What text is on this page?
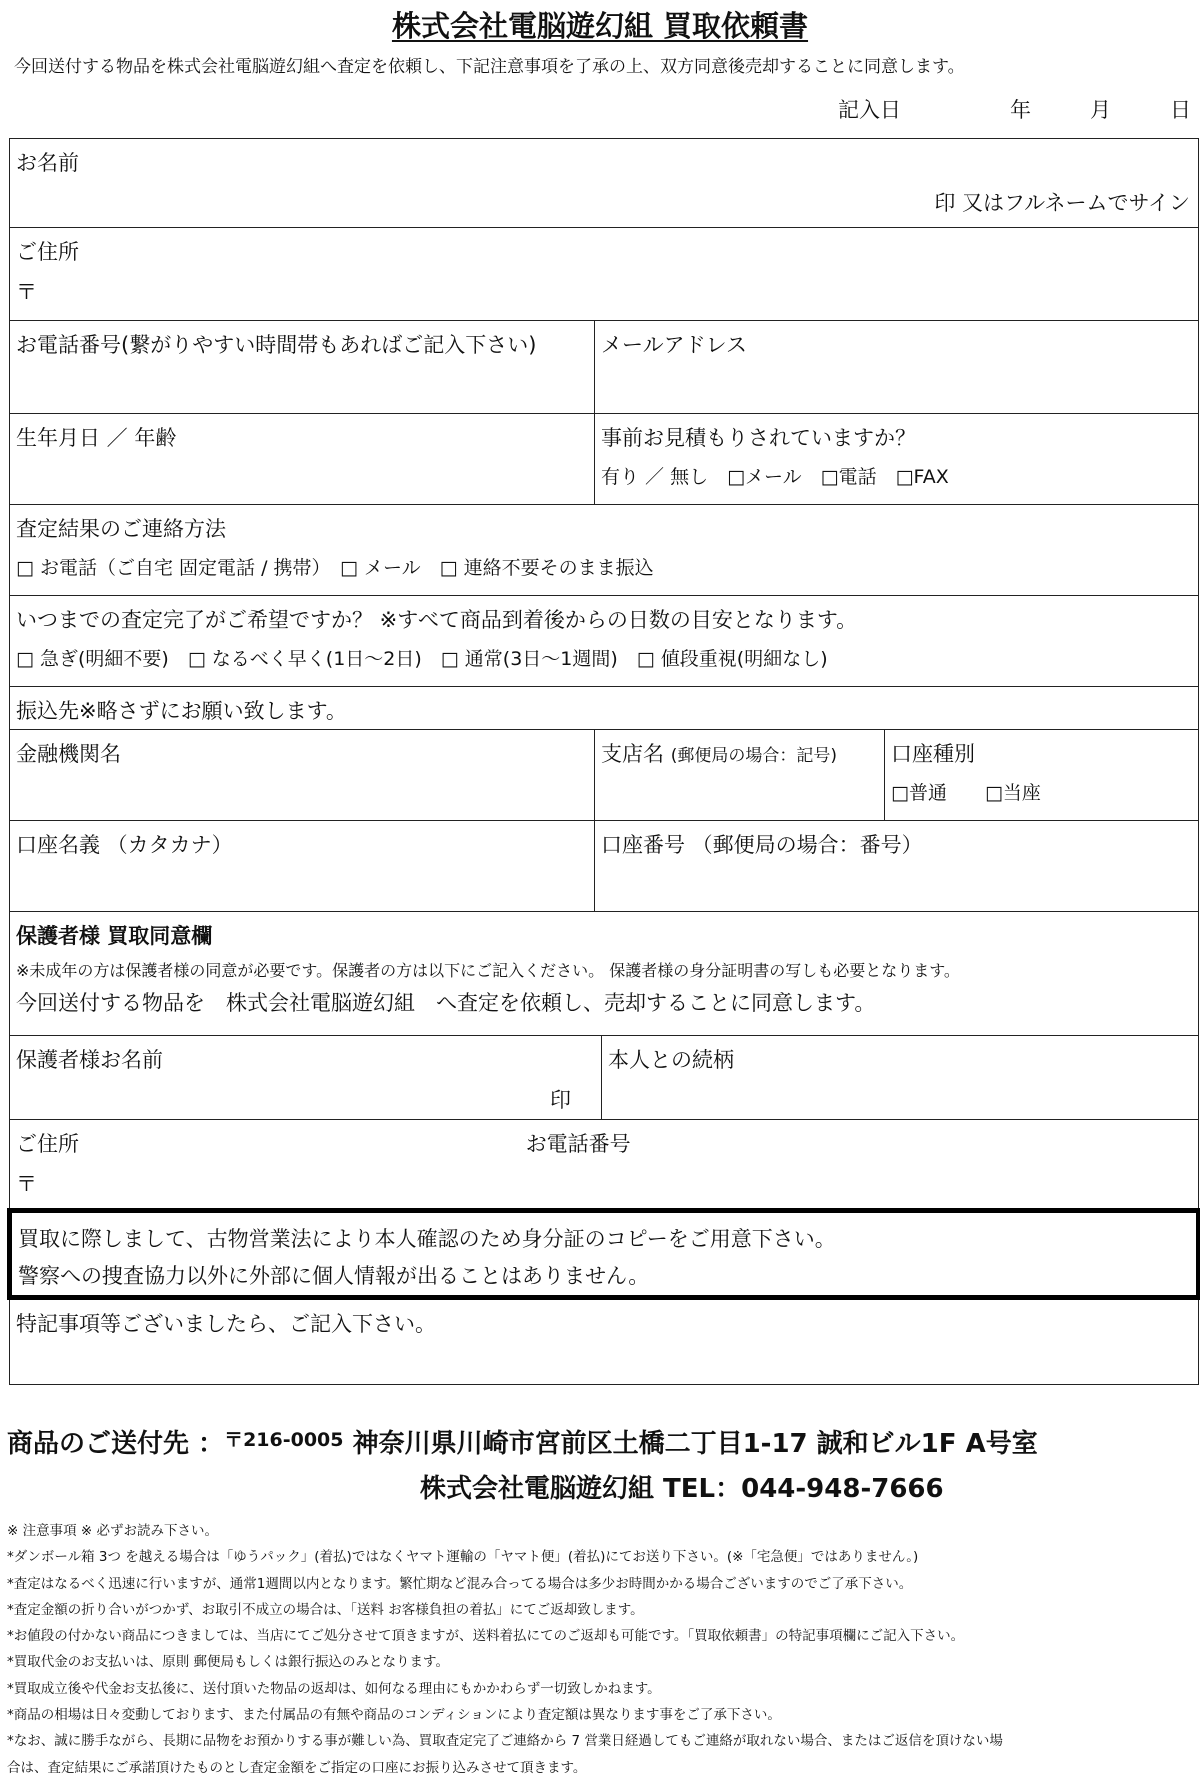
株式会社電脳遊幻組 買取依頼書
今回送付する物品を株式会社電脳遊幻組へ査定を依頼し、下記注意事項を了承の上、双方同意後売却することに同意します。
記入日	年	月	日
お名前
印 又はフルネームでサイン			

ご住所
〒			

お電話番号(繋がりやすい時間帯もあればご記入下さい)	メールアドレス		
生年月日 ／ 年齢	事前お見積もりされていますか？
有り ／ 無し　□メール　□電話　□FAX		

査定結果のご連絡方法
□ お電話（ご自宅 固定電話 / 携帯）　□ メール　□ 連絡不要そのまま振込			

いつまでの査定完了がご希望ですか？ ※すべて商品到着後からの日数の目安となります。
□ 急ぎ(明細不要)　□ なるべく早く(1日〜2日)　□ 通常(3日〜1週間)　□ 値段重視(明細なし)			

振込先※略さずにお願い致します。			
金融機関名	支店名 (郵便局の場合：記号)		口座種別
□普通　　□当座

口座名義 （カタカナ）	口座番号 （郵便局の場合：番号）		
保護者様 買取同意欄
※未成年の方は保護者様の同意が必要です。保護者の方は以下にご記入ください。 保護者様の身分証明書の写しも必要となります。
今回送付する物品を　株式会社電脳遊幻組　へ査定を依頼し、売却することに同意します。			

保護者様お名前
印		本人との続柄	
ご住所 お電話番号
〒			

買取に際しまして、古物営業法により本人確認のため身分証のコピーをご用意下さい。
警察への捜査協力以外に外部に個人情報が出ることはありません。			

特記事項等ございましたら、ご記入下さい。			
商品のご送付先 ：$^{〒216-0005}$ 神奈川県川崎市宮前区土橋二丁目1-17 誠和ビル1F A号室
株式会社電脳遊幻組 TEL：044-948-7666
※ 注意事項 ※ 必ずお読み下さい。
*ダンボール箱 3つ を越える場合は「ゆうパック」(着払)ではなくヤマト運輸の「ヤマト便」(着払)にてお送り下さい。(※「宅急便」ではありません。)
*査定はなるべく迅速に行いますが、通常1週間以内となります。繁忙期など混み合ってる場合は多少お時間かかる場合ございますのでご了承下さい。
*査定金額の折り合いがつかず、お取引不成立の場合は、「送料 お客様負担の着払」にてご返却致します。
*お値段の付かない商品につきましては、当店にてご処分させて頂きますが、送料着払にてのご返却も可能です。「買取依頼書」の特記事項欄にご記入下さい。
*買取代金のお支払いは、原則 郵便局もしくは銀行振込のみとなります。
*買取成立後や代金お支払後に、送付頂いた物品の返却は、如何なる理由にもかかわらず一切致しかねます。
*商品の相場は日々変動しております、また付属品の有無や商品のコンディションにより査定額は異なります事をご了承下さい。
*なお、誠に勝手ながら、長期に品物をお預かりする事が難しい為、買取査定完了ご連絡から 7 営業日経過してもご連絡が取れない場合、またはご返信を頂けない場
合は、査定結果にご承諾頂けたものとし査定金額をご指定の口座にお振り込みさせて頂きます。
